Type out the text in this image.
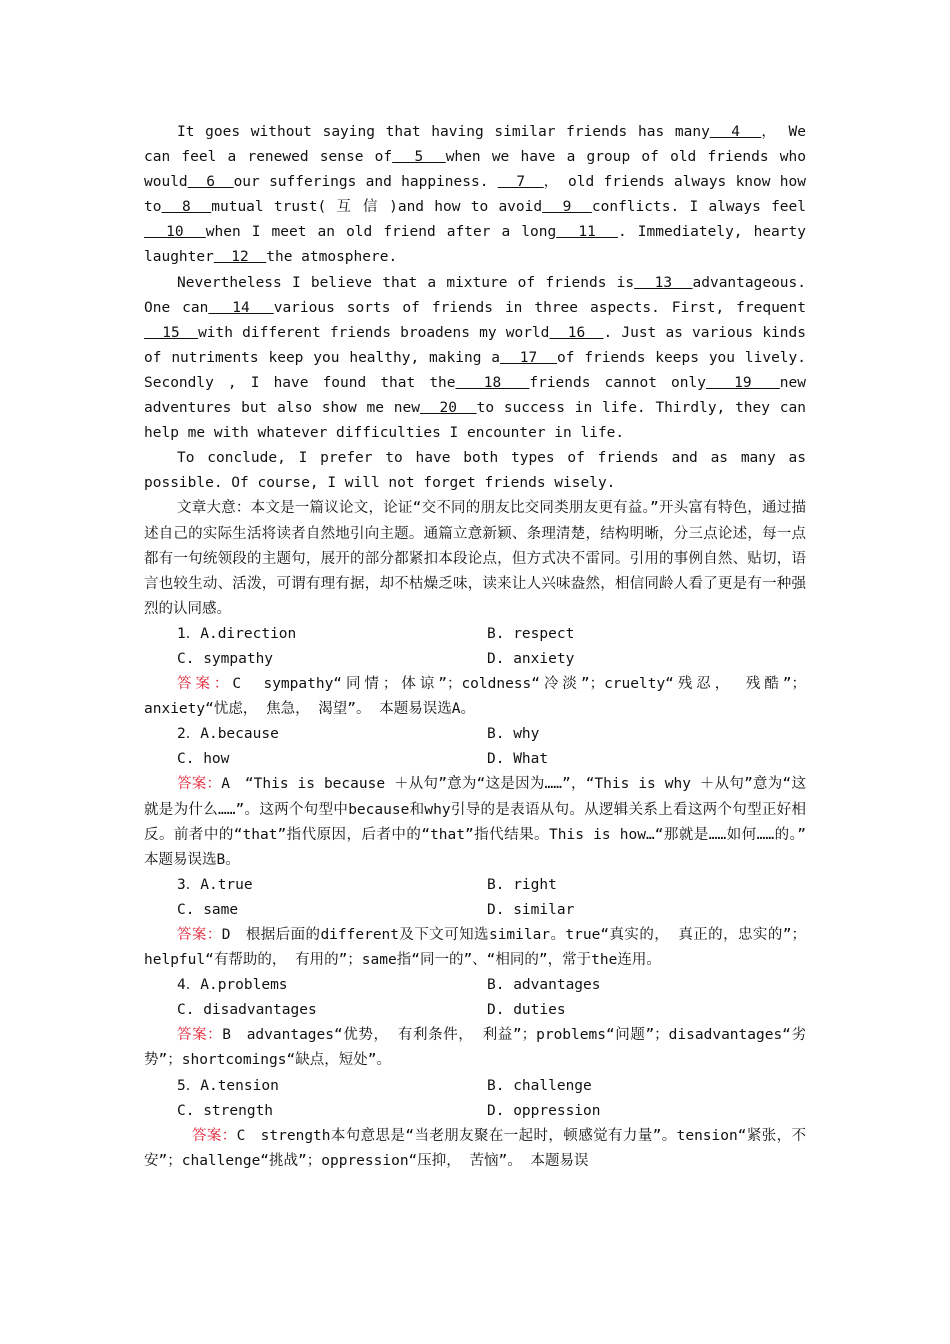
It goes without saying that having similar friends has many  4  ， We can feel a renewed sense of  5  when we have a group of old friends who would  6  our sufferings and happiness.   7  ， old friends always know how to  8  mutual trust( 互 信 )and how to avoid  9  conflicts. I always feel  10  when I meet an old friend after a long  11  . Immediately, hearty laughter  12  the atmosphere.

Nevertheless I believe that a mixture of friends is  13  advantageous. One can  14  various sorts of friends in three aspects. First, frequent  15  with different friends broadens my world  16  . Just as various kinds of nutriments keep you healthy, making a  17  of friends keeps you lively. Secondly , I have found that the  18  friends cannot only  19  new adventures but also show me new  20  to success in life. Thirdly, they can help me with whatever difficulties I encounter in life.

To conclude, I prefer to have both types of friends and as many as possible. Of course, I will not forget friends wisely.

文章大意：本文是一篇议论文，论证“交不同的朋友比交同类朋友更有益。”开头富有特色，通过描述自己的实际生活将读者自然地引向主题。通篇立意新颖、条理清楚，结构明晰，分三点论述，每一点都有一句统领段的主题句，展开的部分都紧扣本段论点，但方式决不雷同。引用的事例自然、贴切，语言也较生动、活泼，可谓有理有据，却不枯燥乏味，读来让人兴味盎然，相信同龄人看了更是有一种强烈的认同感。

1．A.direction	B. respect
C. sympathy	D. anxiety

答案：C　sympathy“同情；体谅”；coldness“冷淡”；cruelty“残忍， 残酷”；anxiety“忧虑， 焦急， 渴望”。 本题易误选A。

2．A.because	B. why
C. how	D. What

答案：A　“This is because ＋从句”意为“这是因为……”，“This is why ＋从句”意为“这就是为什么……”。这两个句型中because和why引导的是表语从句。从逻辑关系上看这两个句型正好相反。前者中的“that”指代原因，后者中的“that”指代结果。This is how…“那就是……如何……的。” 本题易误选B。

3．A.true	B. right
C. same	D. similar

答案：D　根据后面的different及下文可知选similar。true“真实的， 真正的，忠实的”；helpful“有帮助的， 有用的”；same指“同一的”、“相同的”，常于the连用。

4．A.problems	B. advantages
C. disadvantages	D. duties

答案：B　advantages“优势， 有利条件， 利益”；problems“问题”；disadvantages“劣势”；shortcomings“缺点，短处”。

5．A.tension	B. challenge
C. strength	D. oppression

答案：C　strength本句意思是“当老朋友聚在一起时，顿感觉有力量”。tension“紧张，不安”；challenge“挑战”；oppression“压抑， 苦恼”。 本题易误
